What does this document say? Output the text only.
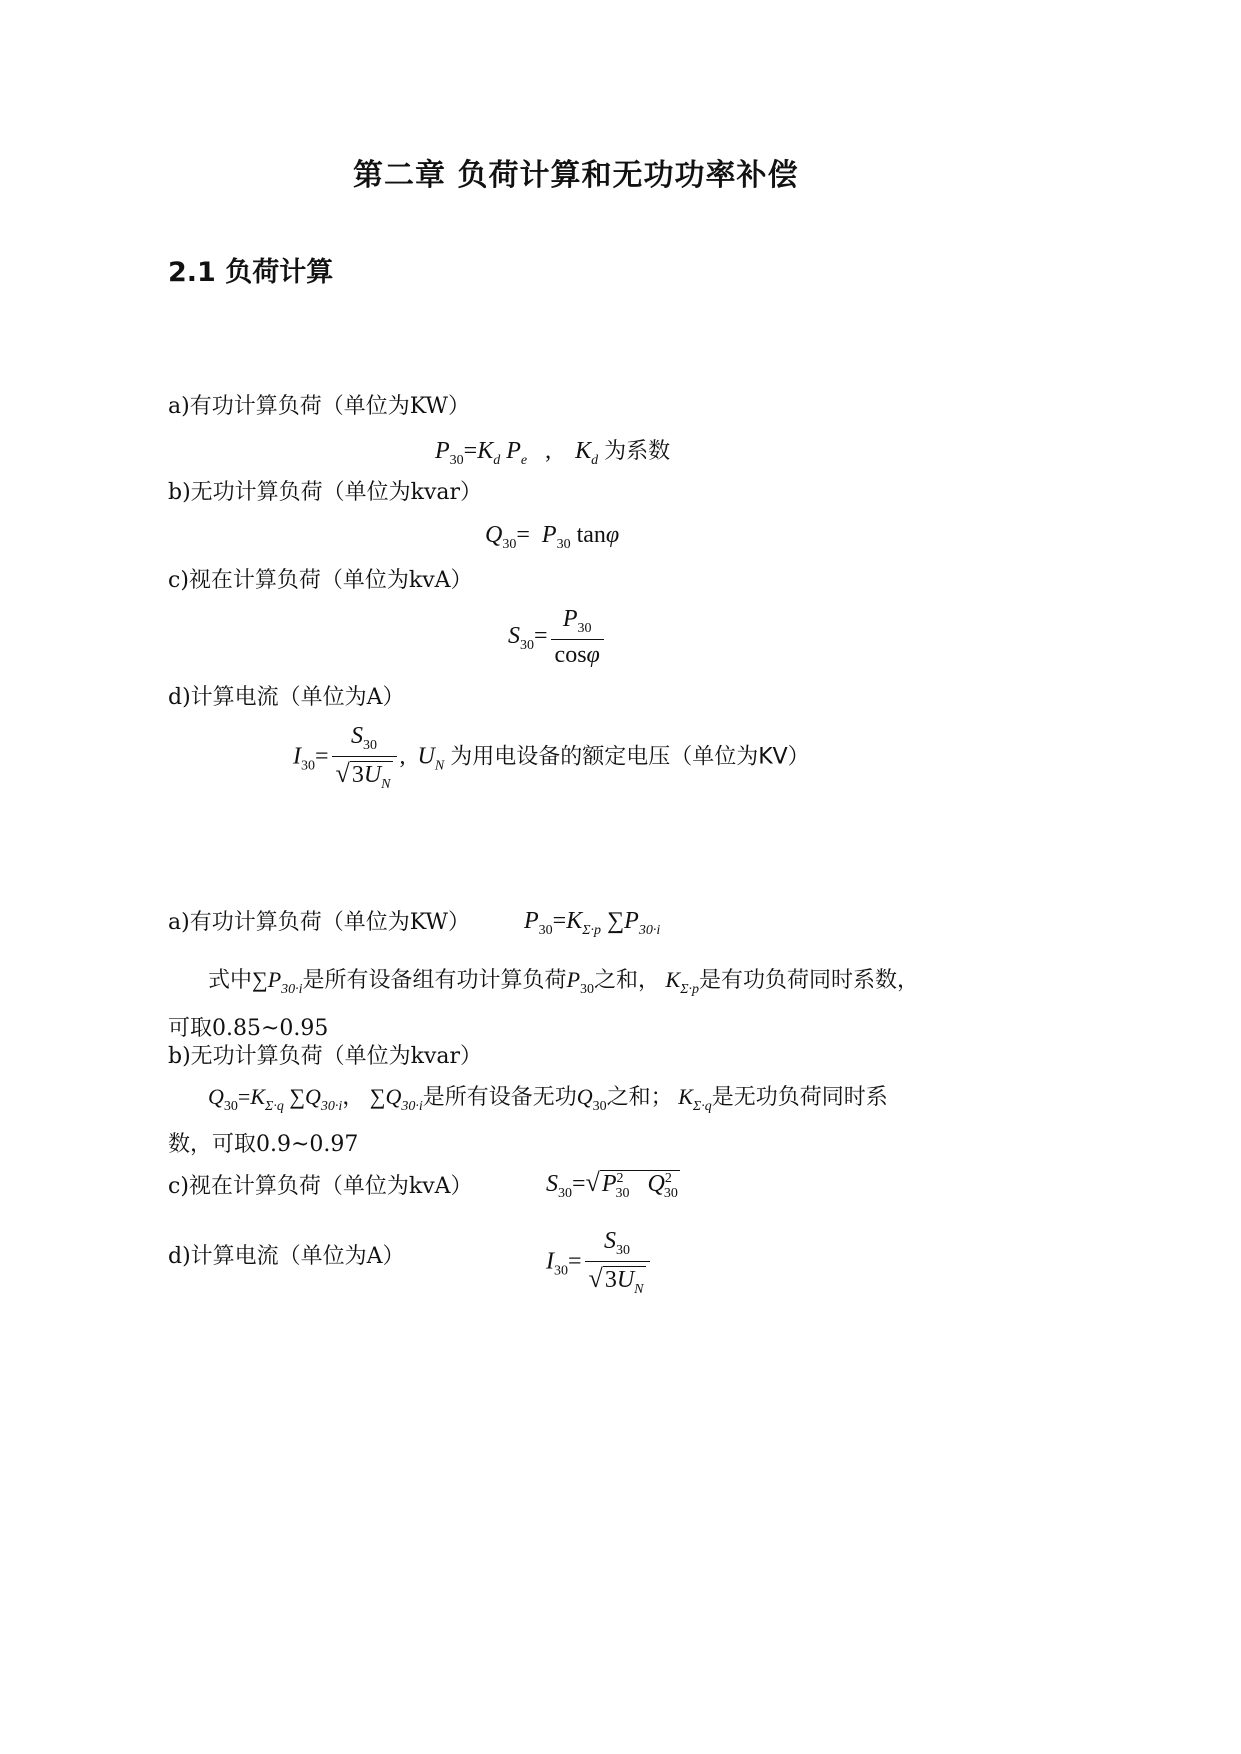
第二章 负荷计算和无功功率补偿
2.1 负荷计算
a)有功计算负荷（单位为KW）
$P_{30}=K_d$ $P_e$   ,    $K_d$ 为系数
b)无功计算负荷（单位为kvar）
$Q_{30}= P_{30}$ tanφ
c)视在计算负荷（单位为kvA）
$S_{30}= \frac{P_{30}}{\cos\varphi}$
d)计算电流（单位为A）
$I_{30}= \frac{S_{30}}{√3U_N}$ ,  $U_N$ 为用电设备的额定电压（单位为KV）
a)有功计算负荷（单位为KW） $P_{30}=K_{\Sigma\cdot p}$ $\sum P_{30\cdot i}$
式中$\sum P_{30\cdot i}$是所有设备组有功计算负荷$P_{30}$之和， $K_{\Sigma\cdot p}$是有功负荷同时系数，
可取0.85~0.95
b)无功计算负荷（单位为kvar）
$Q_{30}=K_{\Sigma\cdot q}$ $\sum Q_{30\cdot i}$， $\sum Q_{30\cdot i}$是所有设备无功$Q_{30}$之和； $K_{\Sigma\cdot q}$是无功负荷同时系
数，可取0.9~0.97
c)视在计算负荷（单位为kvA）	$S_{30}=√P^2_{30}$ $Q^2_{30}$
d)计算电流（单位为A）	$I_{30}= \frac{S_{30}}{√3U_N}$
